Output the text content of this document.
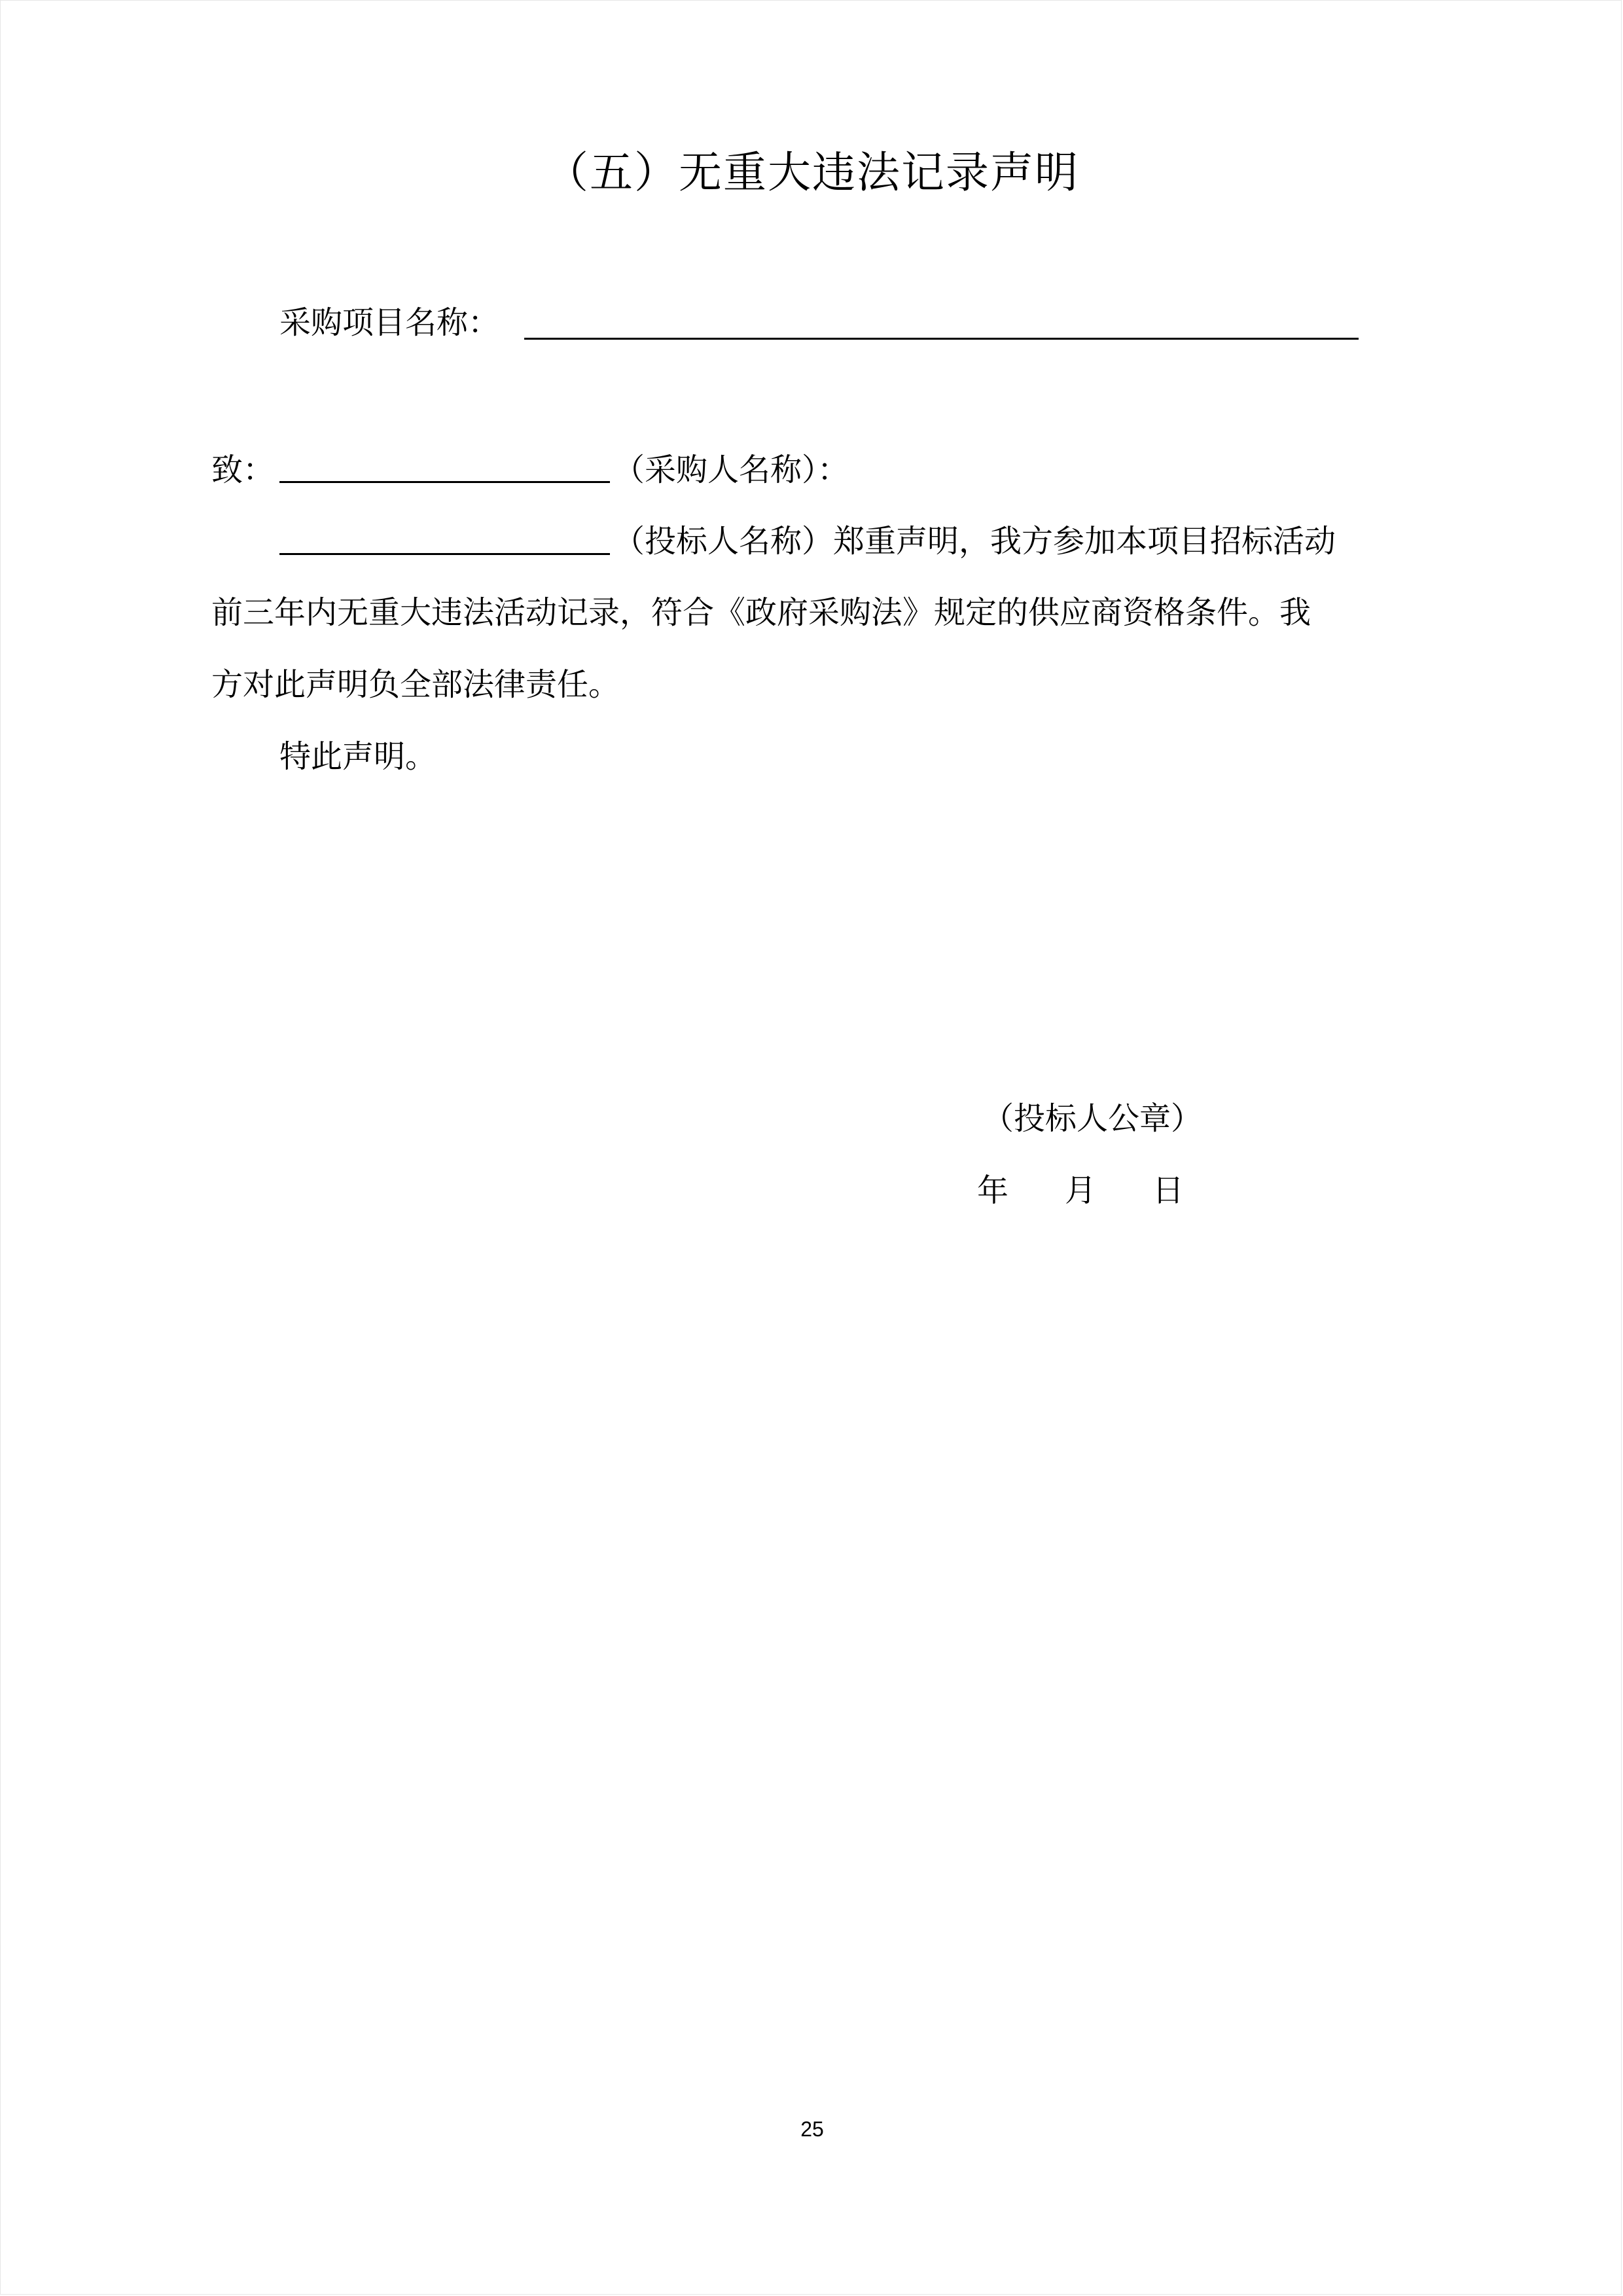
（五）无重大违法记录声明
采购项目名称：
致：	（采购人名称）：
（投标人名称）郑重声明，我方参加本项目招标活动
前三年内无重大违法活动记录，符合《政府采购法》规定的供应商资格条件。我
方对此声明负全部法律责任。
特此声明。
（投标人公章）
年 月 日
25
